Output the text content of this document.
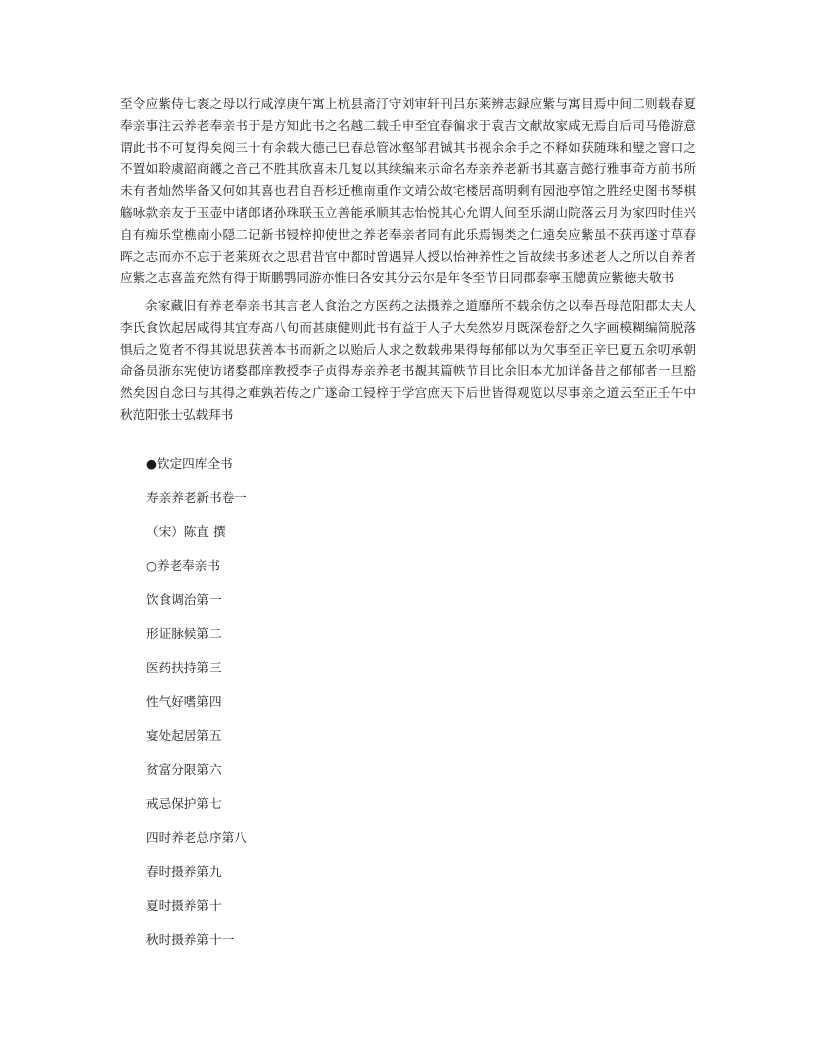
至令应紫侍七袠之母以行咸淳庚午寓上杭县斋汀守刘审轩刊吕东莱辨志録应紫与寓目焉中间二则载春夏奉亲事注云养老奉亲书于是方知此书之名越二载壬申至宜春徧求于袁吉文献故家咸无焉自后司马倦游意谓此书不可复得矣阅三十有余载大德己巳春总管冰壑邹君铖其书视余余手之不释如获随珠和璧之窨口之不置如聆虞韶商頀之音己不胜其欣喜未几复以其续编来示命名寿亲养老新书其嘉言懿行雅事奇方前书所未有者灿然毕备又何如其喜也君自吾杉迁樵南重作文靖公故宅楼居髙明剩有园池亭馆之胜经史图书琴棋觞咏款亲友于玉壶中诸郎诸孙珠联玉立善能承顺其志怡悦其心允谓人间至乐湖山院落云月为家四时佳兴自有痴乐堂樵南小隠二记新书锓梓抑使世之养老奉亲者同有此乐焉锡类之仁遠矣应紫虽不获再遂寸草春晖之志而亦不忘于老莱斑衣之思君昔官中都时曽遇异人授以怡神养性之旨故续书多述老人之所以自养者应紫之志喜盖充然有得于斯鹏鹗同游亦惟曰各安其分云尔是年冬至节日同郡泰寧玉牕黄应紫徳夫敬书

余家藏旧有养老奉亲书其言老人食治之方医药之法摄养之道靡所不载余仿之以奉吾母范阳郡太夫人李氏食饮起居咸得其宜寿髙八旬而甚康健则此书有益于人子大矣然岁月既深卷舒之久字画模糊编简脱落惧后之览者不得其说思获善本书而新之以贻后人求之数载弗果得每郁郁以为欠事至正辛巳夏五余叨承朝命备员浙东宪使访诸婺郡庠教授李子贞得寿亲养老书覩其篇帙节目比余旧本尤加详备昔之郁郁者一旦豁然矣因自念曰与其得之难孰若传之广遂命工锓梓于学宫庶天下后世皆得观览以尽事亲之道云至正壬午中秋范阳张士弘载拜书

●钦定四库全书

寿亲养老新书卷一

（宋）陈直 撰

○养老奉亲书

饮食调治第一

形证脉候第二

医药扶持第三

性气好嗜第四

宴处起居第五

贫富分限第六

戒忌保护第七

四时养老总序第八

春时摄养第九

夏时摄养第十

秋时摄养第十一
